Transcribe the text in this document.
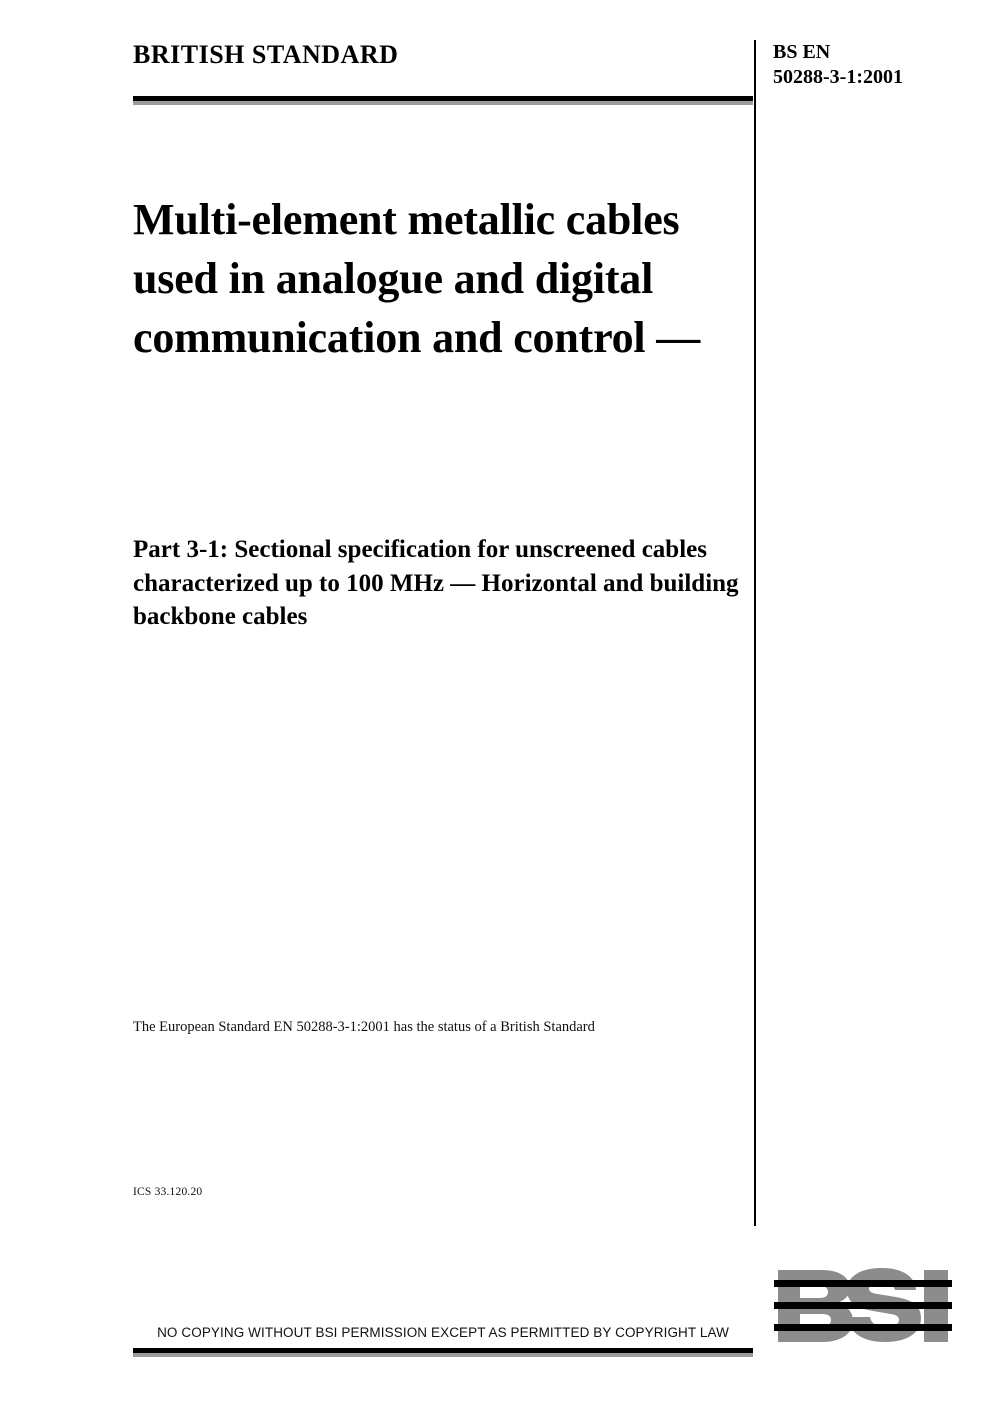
BRITISH STANDARD	BS EN
50288-3-1:2001
Multi-element metallic cables used in analogue and digital communication and control —
Part 3-1: Sectional specification for unscreened cables characterized up to 100 MHz — Horizontal and building backbone cables
The European Standard EN 50288-3-1:2001 has the status of a British Standard
ICS 33.120.20
NO COPYING WITHOUT BSI PERMISSION EXCEPT AS PERMITTED BY COPYRIGHT LAW
